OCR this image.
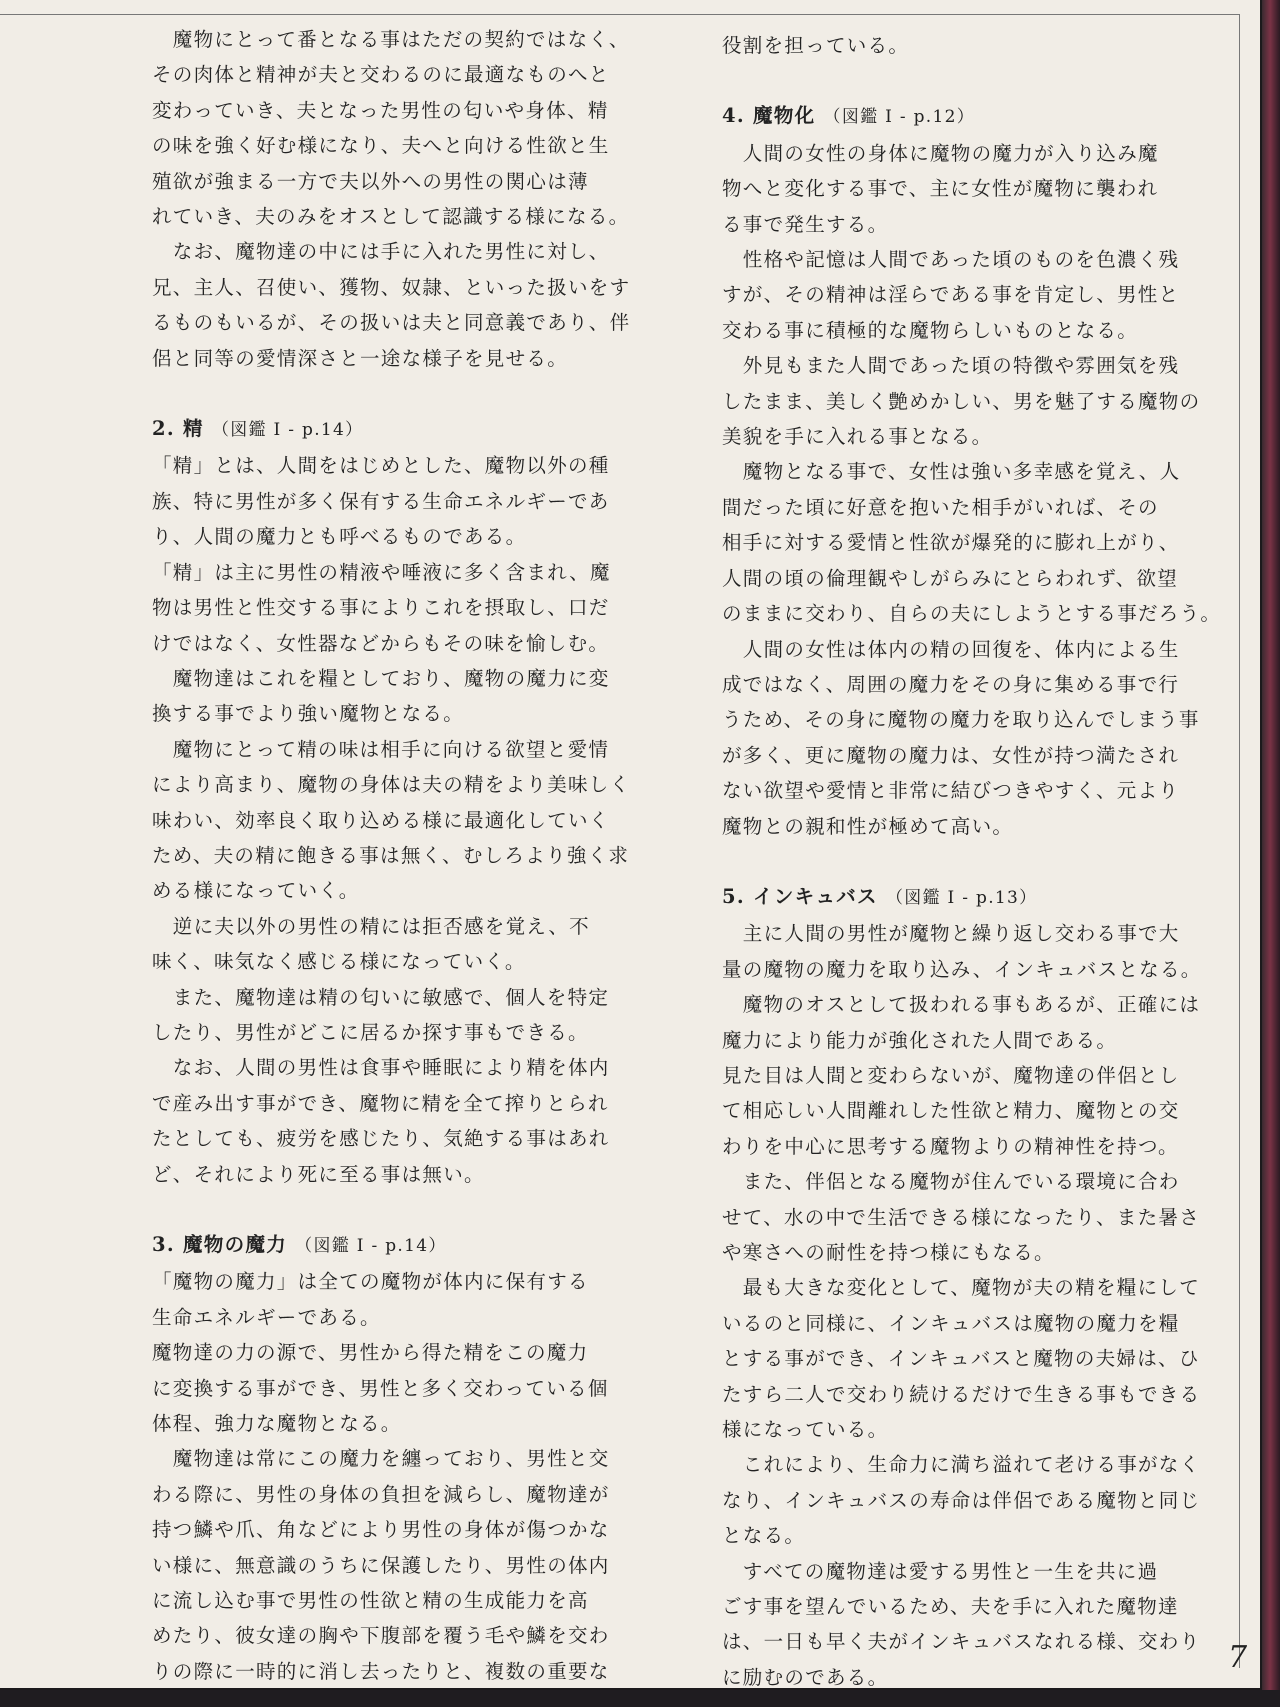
　魔物にとって番となる事はただの契約ではなく、
その肉体と精神が夫と交わるのに最適なものへと
変わっていき、夫となった男性の匂いや身体、精
の味を強く好む様になり、夫へと向ける性欲と生
殖欲が強まる一方で夫以外への男性の関心は薄
れていき、夫のみをオスとして認識する様になる。

　なお、魔物達の中には手に入れた男性に対し、
兄、主人、召使い、獲物、奴隷、といった扱いをす
るものもいるが、その扱いは夫と同意義であり、伴
侶と同等の愛情深さと一途な様子を見せる。

2. 精 （図鑑 I - p.14）

「精」とは、人間をはじめとした、魔物以外の種
族、特に男性が多く保有する生命エネルギーであ
り、人間の魔力とも呼べるものである。

「精」は主に男性の精液や唾液に多く含まれ、魔
物は男性と性交する事によりこれを摂取し、口だ
けではなく、女性器などからもその味を愉しむ。

　魔物達はこれを糧としており、魔物の魔力に変
換する事でより強い魔物となる。

　魔物にとって精の味は相手に向ける欲望と愛情
により高まり、魔物の身体は夫の精をより美味しく
味わい、効率良く取り込める様に最適化していく
ため、夫の精に飽きる事は無く、むしろより強く求
める様になっていく。

　逆に夫以外の男性の精には拒否感を覚え、不
味く、味気なく感じる様になっていく。

　また、魔物達は精の匂いに敏感で、個人を特定
したり、男性がどこに居るか探す事もできる。

　なお、人間の男性は食事や睡眠により精を体内
で産み出す事ができ、魔物に精を全て搾りとられ
たとしても、疲労を感じたり、気絶する事はあれ
ど、それにより死に至る事は無い。

3. 魔物の魔力 （図鑑 I - p.14）

「魔物の魔力」は全ての魔物が体内に保有する
生命エネルギーである。
魔物達の力の源で、男性から得た精をこの魔力
に変換する事ができ、男性と多く交わっている個
体程、強力な魔物となる。

　魔物達は常にこの魔力を纏っており、男性と交
わる際に、男性の身体の負担を減らし、魔物達が
持つ鱗や爪、角などにより男性の身体が傷つかな
い様に、無意識のうちに保護したり、男性の体内
に流し込む事で男性の性欲と精の生成能力を高
めたり、彼女達の胸や下腹部を覆う毛や鱗を交わ
りの際に一時的に消し去ったりと、複数の重要な

役割を担っている。

4. 魔物化 （図鑑 I - p.12）

　人間の女性の身体に魔物の魔力が入り込み魔
物へと変化する事で、主に女性が魔物に襲われ
る事で発生する。

　性格や記憶は人間であった頃のものを色濃く残
すが、その精神は淫らである事を肯定し、男性と
交わる事に積極的な魔物らしいものとなる。

　外見もまた人間であった頃の特徴や雰囲気を残
したまま、美しく艶めかしい、男を魅了する魔物の
美貌を手に入れる事となる。

　魔物となる事で、女性は強い多幸感を覚え、人
間だった頃に好意を抱いた相手がいれば、その
相手に対する愛情と性欲が爆発的に膨れ上がり、
人間の頃の倫理観やしがらみにとらわれず、欲望
のままに交わり、自らの夫にしようとする事だろう。

　人間の女性は体内の精の回復を、体内による生
成ではなく、周囲の魔力をその身に集める事で行
うため、その身に魔物の魔力を取り込んでしまう事
が多く、更に魔物の魔力は、女性が持つ満たされ
ない欲望や愛情と非常に結びつきやすく、元より
魔物との親和性が極めて高い。

5. インキュバス （図鑑 I - p.13）

　主に人間の男性が魔物と繰り返し交わる事で大
量の魔物の魔力を取り込み、インキュバスとなる。

　魔物のオスとして扱われる事もあるが、正確には
魔力により能力が強化された人間である。
見た目は人間と変わらないが、魔物達の伴侶とし
て相応しい人間離れした性欲と精力、魔物との交
わりを中心に思考する魔物よりの精神性を持つ。

　また、伴侶となる魔物が住んでいる環境に合わ
せて、水の中で生活できる様になったり、また暑さ
や寒さへの耐性を持つ様にもなる。

　最も大きな変化として、魔物が夫の精を糧にして
いるのと同様に、インキュバスは魔物の魔力を糧
とする事ができ、インキュバスと魔物の夫婦は、ひ
たすら二人で交わり続けるだけで生きる事もできる
様になっている。

　これにより、生命力に満ち溢れて老ける事がなく
なり、インキュバスの寿命は伴侶である魔物と同じ
となる。

　すべての魔物達は愛する男性と一生を共に過
ごす事を望んでいるため、夫を手に入れた魔物達
は、一日も早く夫がインキュバスなれる様、交わり
に励むのである。

7
